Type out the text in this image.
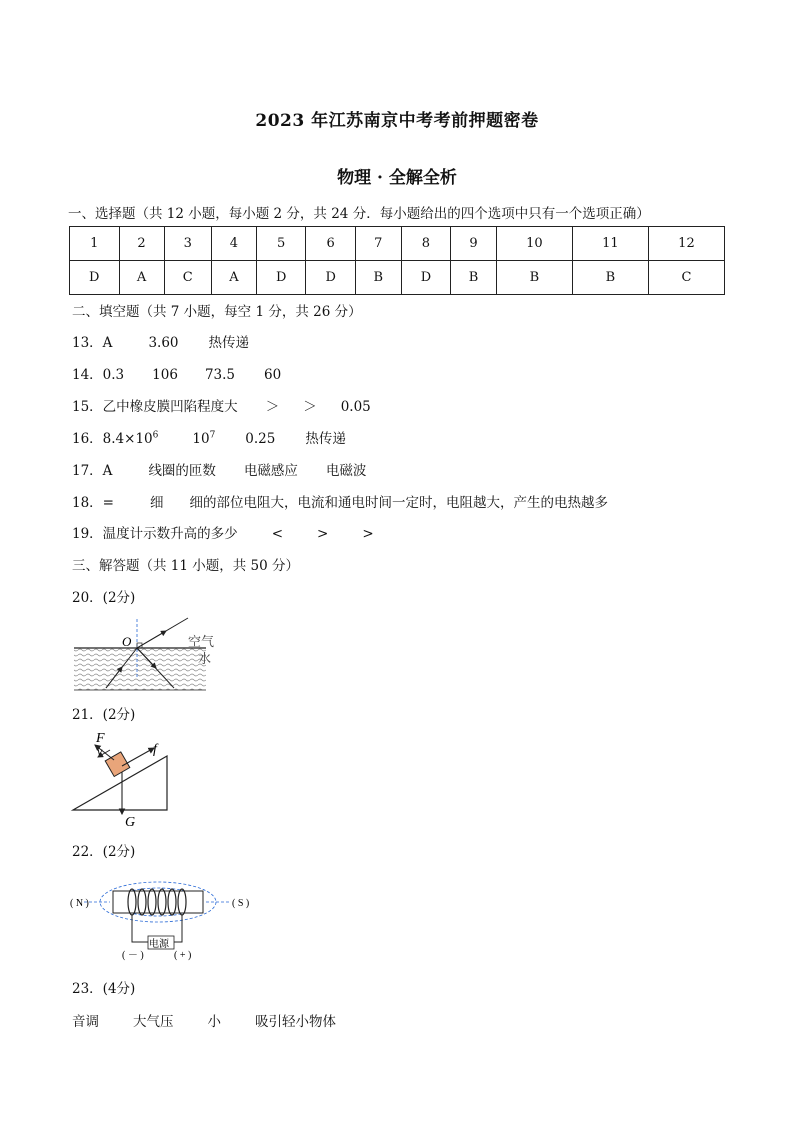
2023 年江苏南京中考考前押题密卷
物理 · 全解全析
一、选择题（共 12 小题，每小题 2 分，共 24 分．每小题给出的四个选项中只有一个选项正确）
1	2	3	4	5	6	7	8	9	10	11	12
D	A	C	A	D	D	B	D	B	B	B	C
二、填空题（共 7 小题，每空 1 分，共 26 分）
13．A	3.60 热传递
14．0.3 106 73.5 60
15．乙中橡皮膜凹陷程度大 ＞ ＞ 0.05
16．$8.4\times 10^6$	$10^7$ 0.25 热传递
17．A	线圈的匝数 电磁感应 电磁波
18．=	细 细的部位电阻大，电流和通电时间一定时，电阻越大，产生的电热越多
19．温度计示数升高的多少	<	>	>
三、解答题（共 11 小题，共 50 分）
20．(2分)
O	空气
水
21．(2分)
F
v	f
G
22．(2分)
电源
( N )	( S )
( － )	( + )
23．(4分)
音调	大气压	小	吸引轻小物体
